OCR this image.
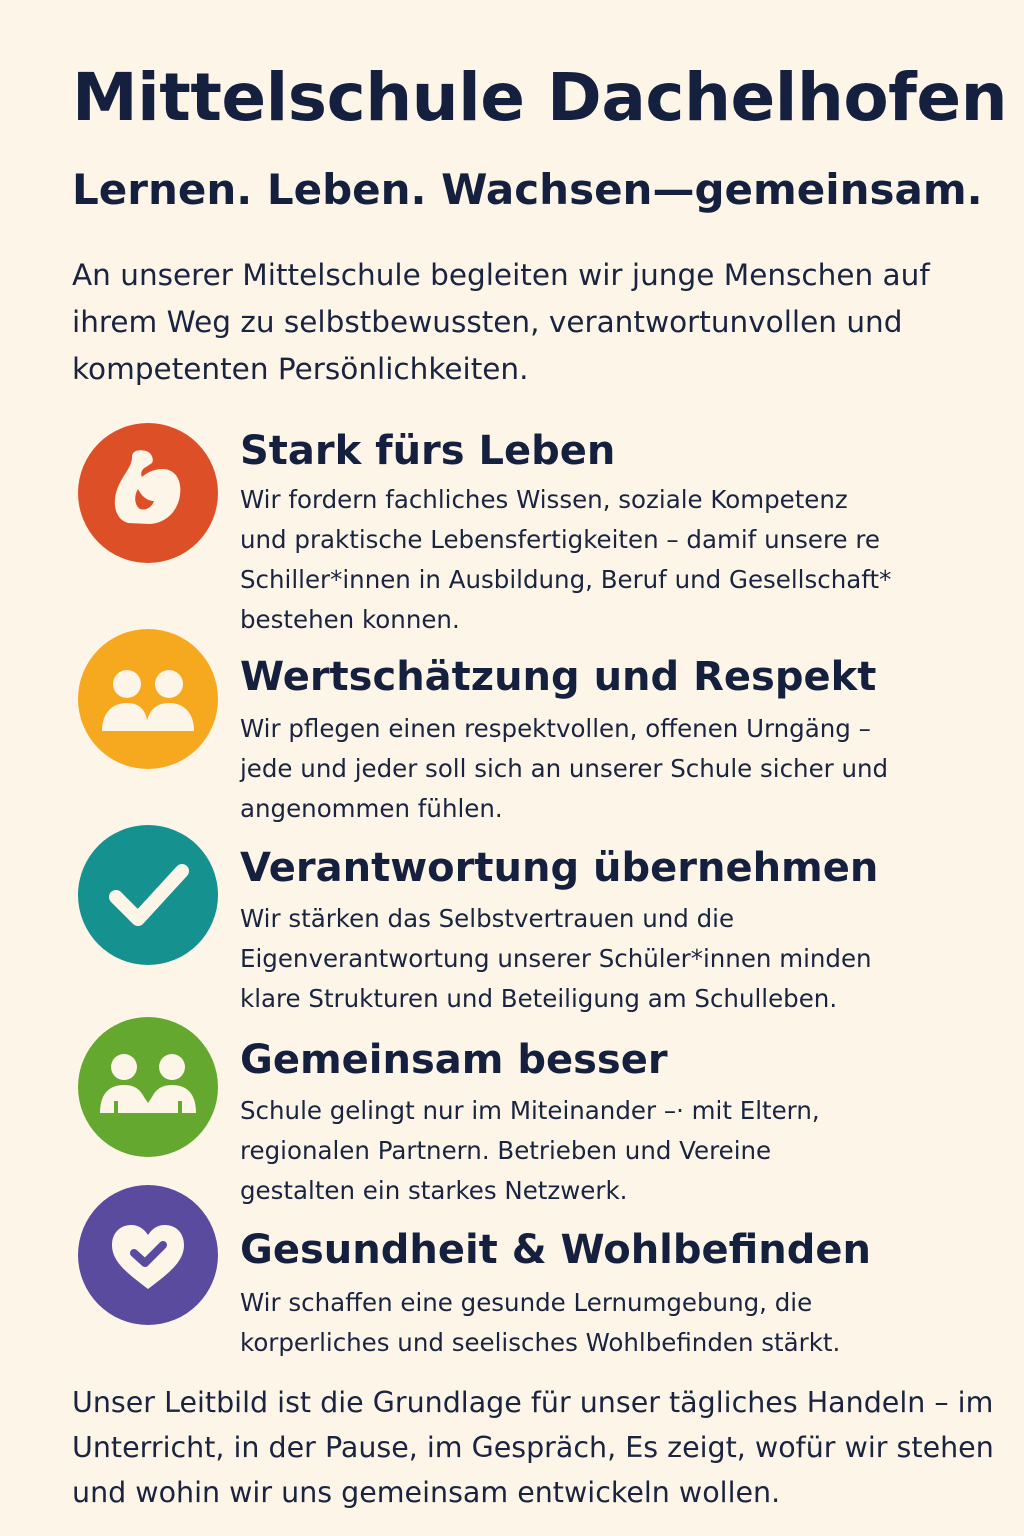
Mittelschule Dachelhofen
Lernen. Leben. Wachsen—gemeinsam.
An unserer Mittelschule begleiten wir junge Menschen auf
ihrem Weg zu selbstbewussten, verantwortunvollen und
kompetenten Persönlichkeiten.
Stark fürs Leben
Wir fordern fachliches Wissen, soziale Kompetenz
und praktische Lebensfertigkeiten – damif unsere re
Schiller*innen in Ausbildung, Beruf und Gesellschaft*
bestehen konnen.
Wertschätzung und Respekt
Wir pflegen einen respektvollen, offenen Urngäng –
jede und jeder soll sich an unserer Schule sicher und
angenommen fühlen.
Verantwortung übernehmen
Wir stärken das Selbstvertrauen und die
Eigenverantwortung unserer Schüler*innen minden
klare Strukturen und Beteiligung am Schulleben.
Gemeinsam besser
Schule gelingt nur im Miteinander –· mit Eltern,
regionalen Partnern. Betrieben und Vereine
gestalten ein starkes Netzwerk.
Gesundheit & Wohlbefinden
Wir schaffen eine gesunde Lernumgebung, die
korperliches und seelisches Wohlbefinden stärkt.
Unser Leitbild ist die Grundlage für unser tägliches Handeln – im
Unterricht, in der Pause, im Gespräch, Es zeigt, wofür wir stehen
und wohin wir uns gemeinsam entwickeln wollen.
